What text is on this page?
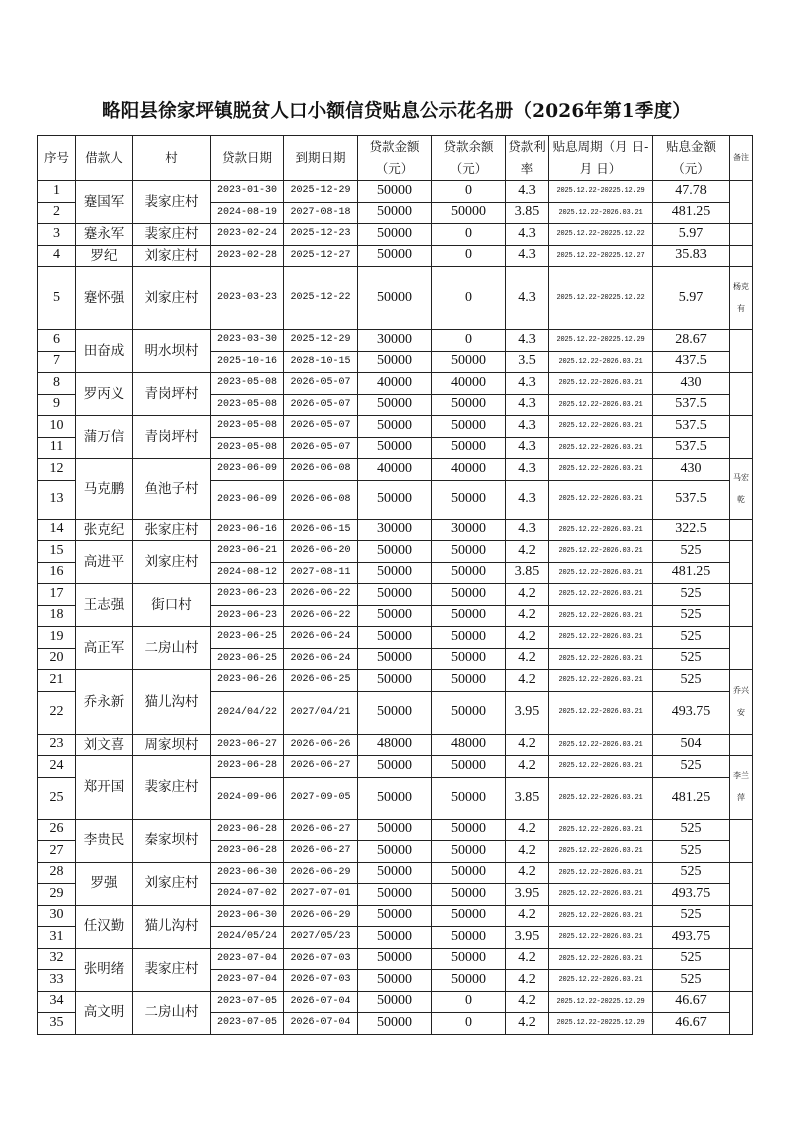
略阳县徐家坪镇脱贫人口小额信贷贴息公示花名册（2026年第1季度）
序号	借款人	村	贷款日期	到期日期	贷款金额（元）	贷款余额（元）	贷款利率	贴息周期（月 日-月 日）	贴息金额（元）	备注
1	蹇国军	裴家庄村	2023-01-30	2025-12-29	50000	0	4.3	2025.12.22-20225.12.29	47.78	
2			2024-08-19	2027-08-18	50000	50000	3.85	2025.12.22-2026.03.21	481.25	
3	蹇永军	裴家庄村	2023-02-24	2025-12-23	50000	0	4.3	2025.12.22-20225.12.22	5.97	
4	罗纪	刘家庄村	2023-02-28	2025-12-27	50000	0	4.3	2025.12.22-20225.12.27	35.83	
5	蹇怀强	刘家庄村	2023-03-23	2025-12-22	50000	0	4.3	2025.12.22-20225.12.22	5.97	杨克有
6	田奋成	明水坝村	2023-03-30	2025-12-29	30000	0	4.3	2025.12.22-20225.12.29	28.67	
7			2025-10-16	2028-10-15	50000	50000	3.5	2025.12.22-2026.03.21	437.5	
8	罗丙义	青岗坪村	2023-05-08	2026-05-07	40000	40000	4.3	2025.12.22-2026.03.21	430	
9			2023-05-08	2026-05-07	50000	50000	4.3	2025.12.22-2026.03.21	537.5	
10	蒲万信	青岗坪村	2023-05-08	2026-05-07	50000	50000	4.3	2025.12.22-2026.03.21	537.5	
11			2023-05-08	2026-05-07	50000	50000	4.3	2025.12.22-2026.03.21	537.5	
12	马克鹏	鱼池子村	2023-06-09	2026-06-08	40000	40000	4.3	2025.12.22-2026.03.21	430	马宏乾
13			2023-06-09	2026-06-08	50000	50000	4.3	2025.12.22-2026.03.21	537.5	
14	张克纪	张家庄村	2023-06-16	2026-06-15	30000	30000	4.3	2025.12.22-2026.03.21	322.5	
15	高进平	刘家庄村	2023-06-21	2026-06-20	50000	50000	4.2	2025.12.22-2026.03.21	525	
16			2024-08-12	2027-08-11	50000	50000	3.85	2025.12.22-2026.03.21	481.25	
17	王志强	街口村	2023-06-23	2026-06-22	50000	50000	4.2	2025.12.22-2026.03.21	525	
18			2023-06-23	2026-06-22	50000	50000	4.2	2025.12.22-2026.03.21	525	
19	高正军	二房山村	2023-06-25	2026-06-24	50000	50000	4.2	2025.12.22-2026.03.21	525	
20			2023-06-25	2026-06-24	50000	50000	4.2	2025.12.22-2026.03.21	525	
21	乔永新	猫儿沟村	2023-06-26	2026-06-25	50000	50000	4.2	2025.12.22-2026.03.21	525	乔兴安
22			2024/04/22	2027/04/21	50000	50000	3.95	2025.12.22-2026.03.21	493.75	
23	刘文喜	周家坝村	2023-06-27	2026-06-26	48000	48000	4.2	2025.12.22-2026.03.21	504	
24	郑开国	裴家庄村	2023-06-28	2026-06-27	50000	50000	4.2	2025.12.22-2026.03.21	525	李兰萍
25			2024-09-06	2027-09-05	50000	50000	3.85	2025.12.22-2026.03.21	481.25	
26	李贵民	秦家坝村	2023-06-28	2026-06-27	50000	50000	4.2	2025.12.22-2026.03.21	525	
27			2023-06-28	2026-06-27	50000	50000	4.2	2025.12.22-2026.03.21	525	
28	罗强	刘家庄村	2023-06-30	2026-06-29	50000	50000	4.2	2025.12.22-2026.03.21	525	
29			2024-07-02	2027-07-01	50000	50000	3.95	2025.12.22-2026.03.21	493.75	
30	任汉勤	猫儿沟村	2023-06-30	2026-06-29	50000	50000	4.2	2025.12.22-2026.03.21	525	
31			2024/05/24	2027/05/23	50000	50000	3.95	2025.12.22-2026.03.21	493.75	
32	张明绪	裴家庄村	2023-07-04	2026-07-03	50000	50000	4.2	2025.12.22-2026.03.21	525	
33			2023-07-04	2026-07-03	50000	50000	4.2	2025.12.22-2026.03.21	525	
34	高文明	二房山村	2023-07-05	2026-07-04	50000	0	4.2	2025.12.22-20225.12.29	46.67	
35			2023-07-05	2026-07-04	50000	0	4.2	2025.12.22-20225.12.29	46.67	
